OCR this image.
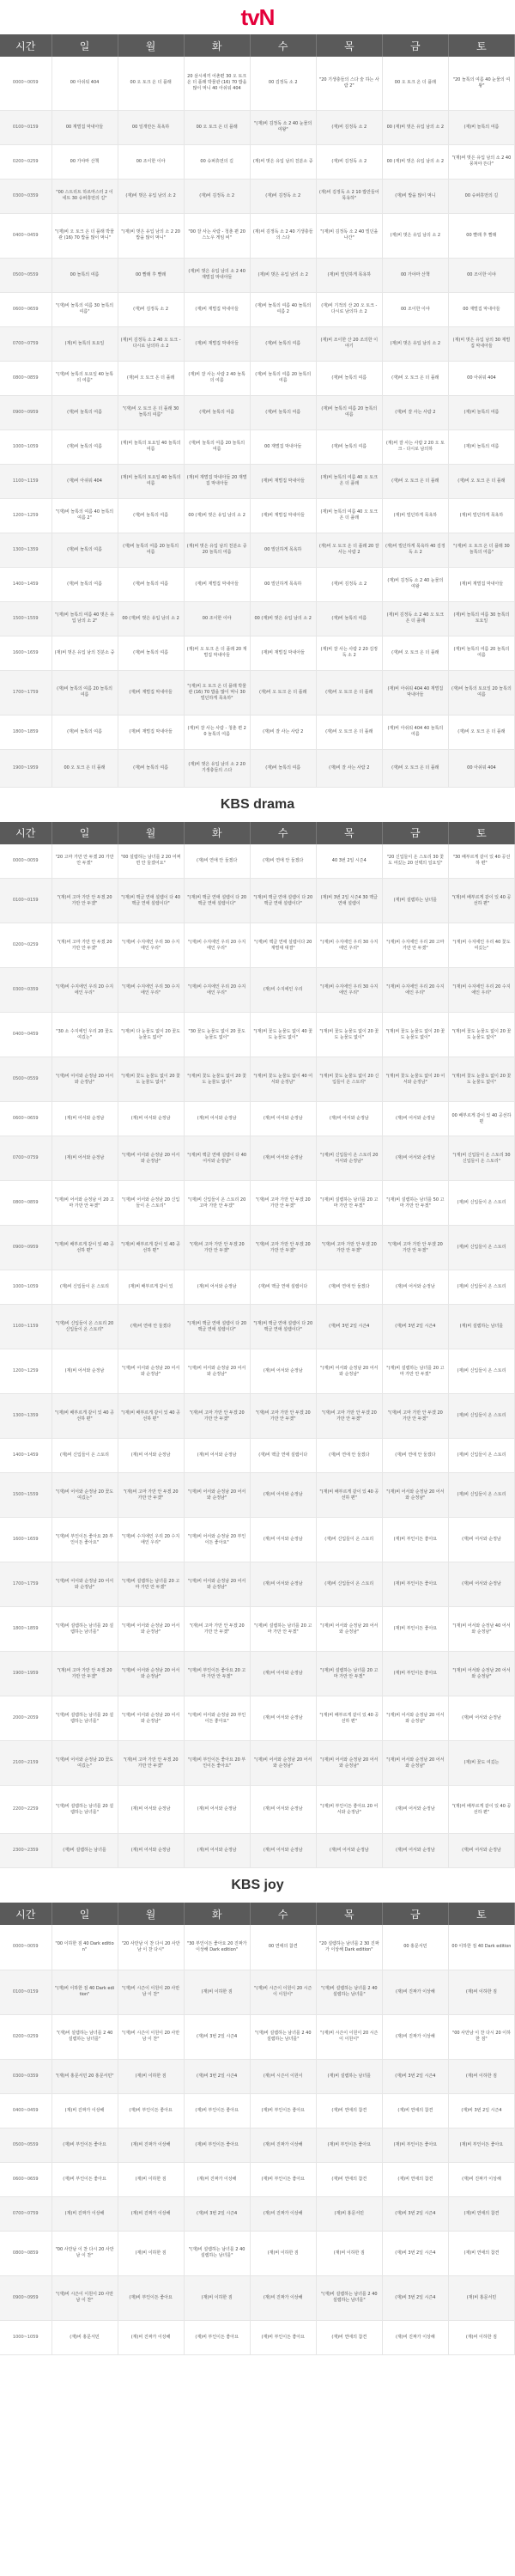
tvN
시간	일	월	화	수	목	금	토
0000~0059	00 아쉬워 404	00 오 토크 온 더 플래	20 삼시세끼 어촌편 30 오 토크 온 더 플래 박물관 (16) 70 밥을 많이 먹니 40 아쉬워 404	00 김정독 소 2	"20 기생충들의 스다 술 하는 사람 2"	00 오 토크 온 더 플래	"20 놀톡의 여름 40 눈물의 여왕"
0100~0159	00 재벌집 막내아들	00 일개만든 목욕하	00 오 토크 온 더 플래	"(재)비 김정독 소 2 40 눈물의 여왕"	(재)비 김정독 소 2	00 (재)비 벗은 유입 남의 소 2	(재)비 놀톡의 여름
0200~0259	00 가야마 산책	00 조이한 이야	00 슈퍼휴먼의 길	(재)비 벗은 유입 남의 친분소 중	(재)비 김정독 소 2	00 (재)비 벗은 유입 남의 소 2	"(재)비 벗은 유입 남의 소 2 40 뭉쳐야 뜬다"
0300~0359	"00 스트리트 하르마스터 2 이네트 30 슈퍼휴먼의 길"	(재)비 벗은 유입 남의 소 2	(재)비 김정독 소 2	(재)비 김정독 소 2	(재)비 김정독 소 2 10 밥만들어 목욕하"	(재)비 밥을 많이 먹니	00 슈퍼휴먼의 길
0400~0459	"(재)비 오 토크 온 더 플래 박물관 (16) 70 밥을 많이 먹니"	"(재)비 벗은 유입 남의 소 2 20 밥을 많이 먹니"	"00 잘 사는 사람 - 청춘 편 20 스노우 게임 비"	(재)비 김정독 소 2 40 기생충들의 스다	"(재)비 김정독 소 2 40 빌던을 나간"	(재)비 벗은 유입 남의 소 2	00 빨래 후 빨래
0500~0559	00 놀톡의 여름	00 빨래 후 빨래	(재)비 벗은 유입 남의 소 2 40 재벌집 막내아들	(재)비 벗은 유입 남의 소 2	(재)비 빌던하게 목욕하	00 가야마 산책	00 조이한 이야
0600~0659	"(재)비 놀톡의 여름 30 놀톡의 여름"	(재)비 김정독 소 2	(재)비 재벌집 막내아들	(재)비 놀톡의 여름 40 놀톡의 여름 2	(재)비 기적의 산 20 오 토크 - 다시로 남의하 소 2	00 조이한 이야	00 재벌집 막내아들
0700~0759	(재)비 놀톡의 토요일	(재)비 김정독 소 2 40 오 토크 - 다시로 남의하 소 2	(재)비 재벌집 막내아들	(재)비 놀톡의 여름	(재)비 조이한 산 20 조의한 이야기	(재)비 벗은 유입 남의 소 2	(재)비 벗은 유입 남의 30 재벌집 막내아들
0800~0859	"(재)비 놀톡의 토요일 40 놀톡의 여름"	(재)비 오 토크 온 더 플래	(재)비 잘 사는 사람 2 40 놀톡의 여름	(재)비 놀톡의 여름 20 놀톡의 여름	(재)비 놀톡의 여름	(재)비 오 토크 온 더 플래	00 아쉬워 404
0900~0959	(재)비 놀톡의 여름	"(재)비 오 토크 온 더 플래 30 놀톡의 여름"	(재)비 놀톡의 여름	(재)비 놀톡의 여름	(재)비 놀톡의 여름 20 놀톡의 여름	(재)비 잘 사는 사람 2	(재)비 놀톡의 여름
1000~1059	(재)비 놀톡의 여름	(재)비 놀톡의 토요일 40 놀톡의 여름	(재)비 놀톡의 여름 20 놀톡의 여름	00 재벌집 막내아들	(재)비 놀톡의 여름	(재)비 잘 사는 사람 2 20 오 토크 - 다시로 남의하	(재)비 놀톡의 여름
1100~1159	(재)비 아쉬워 404	(재)비 놀톡의 토요일 40 놀톡의 여름	(재)비 재벌집 막내아들 20 재벌집 막내아들	(재)비 재벌집 막내아들	(재)비 놀톡의 여름 40 오 토크 온 더 플래	(재)비 오 토크 온 더 플래	(재)비 오 토크 온 더 플래
1200~1259	"(재)비 놀톡의 여름 40 놀톡의 여름 2"	(재)비 놀톡의 여름	00 (재)비 벗은 유입 남의 소 2	(재)비 재벌집 막내아들	(재)비 놀톡의 여름 40 오 토크 온 더 플래	(재)비 빌던하게 목욕하	(재)비 빌던하게 목욕하
1300~1359	(재)비 놀톡의 여름	(재)비 놀톡의 여름 20 놀톡의 여름	(재)비 벗은 유입 남의 친분소 중 20 놀톡의 여름	00 빌던하게 목욕하	(재)비 오 토크 온 더 플래 20 잘 사는 사람 2	(재)비 빌던하게 목욕하 40 김정독 소 2	"(재)비 오 토크 온 더 플래 30 놀톡의 여름"
1400~1459	(재)비 놀톡의 여름	(재)비 놀톡의 여름	(재)비 재벌집 막내아들	00 빌던하게 목욕하	(재)비 김정독 소 2	(재)비 김정독 소 2 40 눈물의 여왕	(재)비 재벌집 막내아들
1500~1559	"(재)비 놀톡의 여름 40 벗은 유입 남의 소 2"	00 (재)비 벗은 유입 남의 소 2	00 조이한 이야	00 (재)비 벗은 유입 남의 소 2	(재)비 놀톡의 여름	(재)비 김정독 소 2 40 오 토크 온 더 플래	(재)비 놀톡의 여름 30 놀톡의 토요일
1600~1659	(재)비 벗은 유입 남의 친분소 중	(재)비 놀톡의 여름	(재)비 오 토크 온 더 플래 20 재벌집 막내아들	(재)비 재벌집 막내아들	(재)비 잘 사는 사람 2 20 김정독 소 2	(재)비 오 토크 온 더 플래	(재)비 놀톡의 여름 20 놀톡의 여름
1700~1759	(재)비 놀톡의 여름 20 놀톡의 여름	(재)비 재벌집 막내아들	"(재)비 오 토크 온 더 플래 박물관 (16) 70 밥을 많이 먹니 30 빌던하게 목욕하"	(재)비 오 토크 온 더 플래	(재)비 오 토크 온 더 플래	(재)비 아쉬워 404 40 재벌집 막내아들	(재)비 놀톡의 토요일 20 놀톡의 여름
1800~1859	(재)비 놀톡의 여름	(재)비 재벌집 막내아들	(재)비 잘 사는 사람 - 청춘 편 20 놀톡의 여름	(재)비 잘 사는 사람 2	(재)비 오 토크 온 더 플래	(재)비 아쉬워 404 40 놀톡의 여름	(재)비 오 토크 온 더 플래
1900~1959	00 오 토크 온 더 플래	(재)비 놀톡의 여름	(재)비 벗은 유입 남의 소 2 20 기생충들의 스다	(재)비 놀톡의 여름	(재)비 잘 사는 사람 2	(재)비 오 토크 온 더 플래	00 아쉬워 404
KBS drama
시간	일	월	화	수	목	금	토
0000~0059	"20 고마 가만 안 두겠 20 가만 안 두겠"	"00 설렘하는 남녀를 2 20 어쩌면 안 둘겠어요"	(재)비 연애 안 둘겠다	(재)비 연애 안 둘겠다	40 3번 2일 시즌4	"20 신입들이 온 스토리 30 꽃도 여깄는 20 선택의 일요일"	"30 배부르게 같이 있 40 공선하 편"
0100~0159	"(재)비 고마 가만 안 두겠 20 가만 안 두겠"	"(재)비 맥글 연애 설렘이 다 40 맥글 연애 설렘이다"	"(재)비 맥글 연애 설렘이 다 20 맥글 연애 설렘이다"	"(재)비 맥글 연애 설렘이 다 20 맥글 연애 설렘이다"	(재)비 3번 2일 시즌4 30 맥글 연애 설렘이	(재)비 설렘하는 남녀를	"(재)비 배부르게 같이 있 40 공선하 편"
0200~0259	"(재)비 고마 가만 안 두겠 20 가만 안 두겠"	"(재)비 수지에인 우리 30 수지에인 우리"	"(재)비 수지에인 우리 20 수지에인 우리"	"(재)비 맥글 연애 설렘이다 20 재벌대 대결"	"(재)비 수지에인 우리 30 수지에인 우리"	"(재)비 수지에인 우리 20 고마 가만 안 두겠"	"(재)비 수지에인 우리 40 꽃도 여깄는"
0300~0359	"(재)비 수지에인 우리 20 수지에인 우리"	"(재)비 수지에인 우리 30 수지에인 우리"	"(재)비 수지에인 우리 20 수지에인 우리"	(재)비 수지에인 우리	"(재)비 수지에인 우리 30 수지에인 우리"	"(재)비 수지에인 우리 20 수지에인 우리"	"(재)비 수지에인 우리 20 수지에인 우리"
0400~0459	"30 소 수지에인 우리 20 꽃도 여깄는"	"(재)비 다 눈물도 없이 20 꽃도 눈물도 없이"	"30 꽃도 눈물도 없이 20 꽃도 눈물도 없이"	"(재)비 꽃도 눈물도 없이 40 꽃도 눈물도 없이"	"(재)비 꽃도 눈물도 없이 20 꽃도 눈물도 없이"	"(재)비 꽃도 눈물도 없이 20 꽃도 눈물도 없이"	"(재)비 꽃도 눈물도 없이 20 꽃도 눈물도 없이"
0500~0559	"(재)비 어서와 순정남 20 어서와 순정남"	"(재)비 꽃도 눈물도 없이 20 꽃도 눈물도 없이"	"(재)비 꽃도 눈물도 없이 20 꽃도 눈물도 없이"	"(재)비 꽃도 눈물도 없이 40 어서와 순정남"	"(재)비 꽃도 눈물도 없이 20 신입들이 온 스토리"	"(재)비 꽃도 눈물도 없이 20 어서와 순정남"	"(재)비 꽃도 눈물도 없이 20 꽃도 눈물도 없이"
0600~0659	(재)비 어서와 순정남	(재)비 어서와 순정남	(재)비 어서와 순정남	(재)비 어서와 순정남	(재)비 어서와 순정남	(재)비 어서와 순정남	00 배부르게 같이 있 40 공선하 편
0700~0759	(재)비 어서와 순정남	"(재)비 어서와 순정남 20 어서와 순정남"	"(재)비 맥글 연애 설렘이 다 40 어서와 순정남"	(재)비 어서와 순정남	"(재)비 신입들이 온 스토리 20 어서와 순정남"	(재)비 어서와 순정남	"(재)비 신입들이 온 스토리 30 신입들이 온 스토리"
0800~0859	"(재)비 어서와 순정남 이 20 고마 가만 안 두겠"	"(재)비 어서와 순정남 20 신입들이 온 스토리"	"(재)비 신입들이 온 스토리 20 고마 가만 안 두겠"	"(재)비 고마 가만 안 두겠 20 가만 안 두겠"	"(재)비 설렘하는 남녀를 20 고마 가만 안 두겠"	"(재)비 설렘하는 남녀를 50 고마 가만 안 두겠"	(재)비 신입들이 온 스토리
0900~0959	"(재)비 배부르게 같이 있 40 공선하 편"	"(재)비 배부르게 같이 있 40 공선하 편"	"(재)비 고마 가만 안 두겠 20 가만 안 두겠"	"(재)비 고마 가만 안 두겠 20 가만 안 두겠"	"(재)비 고마 가만 안 두겠 20 가만 안 두겠"	"(재)비 고마 가만 안 두겠 20 가만 안 두겠"	(재)비 신입들이 온 스토리
1000~1059	(재)비 신입들이 온 스토리	(재)비 배부르게 같이 있	(재)비 어서와 순정남	(재)비 맥글 연애 설렘이다	(재)비 연애 안 둘겠다	(재)비 어서와 순정남	(재)비 신입들이 온 스토리
1100~1159	"(재)비 신입들이 온 스토리 20 신입들이 온 스토리"	(재)비 연애 안 둘겠다	"(재)비 맥글 연애 설렘이 다 20 맥글 연애 설렘이다"	"(재)비 맥글 연애 설렘이 다 20 맥글 연애 설렘이다"	(재)비 3번 2일 시즌4	(재)비 3번 2일 시즌4	(재)비 설렘하는 남녀를
1200~1259	(재)비 어서와 순정남	"(재)비 어서와 순정남 20 어서와 순정남"	"(재)비 어서와 순정남 20 어서와 순정남"	(재)비 어서와 순정남	"(재)비 어서와 순정남 20 어서와 순정남"	"(재)비 설렘하는 남녀를 20 고마 가만 안 두겠"	(재)비 신입들이 온 스토리
1300~1359	"(재)비 배부르게 같이 있 40 공선하 편"	"(재)비 배부르게 같이 있 40 공선하 편"	"(재)비 고마 가만 안 두겠 20 가만 안 두겠"	"(재)비 고마 가만 안 두겠 20 가만 안 두겠"	"(재)비 고마 가만 안 두겠 20 가만 안 두겠"	"(재)비 고마 가만 안 두겠 20 가만 안 두겠"	(재)비 신입들이 온 스토리
1400~1459	(재)비 신입들이 온 스토리	(재)비 어서와 순정남	(재)비 어서와 순정남	(재)비 맥글 연애 설렘이다	(재)비 연애 안 둘겠다	(재)비 연애 안 둘겠다	(재)비 신입들이 온 스토리
1500~1559	"(재)비 어서와 순정남 20 꽃도 여깄는"	"(재)비 고마 가만 안 두겠 20 가만 안 두겠"	"(재)비 어서와 순정남 20 어서와 순정남"	(재)비 어서와 순정남	"(재)비 배부르게 같이 있 40 공선하 편"	"(재)비 어서와 순정남 20 어서와 순정남"	(재)비 신입들이 온 스토리
1600~1659	"(재)비 부인이든 좋아요 20 부인이든 좋아요"	"(재)비 수지에인 우리 20 수지에인 우리"	"(재)비 어서와 순정남 20 부인이든 좋아요"	(재)비 어서와 순정남	(재)비 신입들이 온 스토리	(재)비 부인이든 좋아요	(재)비 어서와 순정남
1700~1759	"(재)비 어서와 순정남 20 어서와 순정남"	"(재)비 설렘하는 남녀를 20 고마 가만 안 두겠"	"(재)비 어서와 순정남 20 어서와 순정남"	(재)비 어서와 순정남	(재)비 신입들이 온 스토리	(재)비 부인이든 좋아요	(재)비 어서와 순정남
1800~1859	"(재)비 설렘하는 남녀를 20 설렘하는 남녀를"	"(재)비 어서와 순정남 20 어서와 순정남"	"(재)비 고마 가만 안 두겠 20 가만 안 두겠"	"(재)비 설렘하는 남녀를 20 고마 가만 안 두겠"	"(재)비 어서와 순정남 20 어서와 순정남"	(재)비 부인이든 좋아요	"(재)비 어서와 순정남 40 어서와 순정남"
1900~1959	"(재)비 고마 가만 안 두겠 20 가만 안 두겠"	"(재)비 어서와 순정남 20 어서와 순정남"	"(재)비 부인이든 좋아요 20 고마 가만 안 두겠"	(재)비 어서와 순정남	"(재)비 설렘하는 남녀를 20 고마 가만 안 두겠"	(재)비 부인이든 좋아요	"(재)비 어서와 순정남 20 어서와 순정남"
2000~2059	"(재)비 설렘하는 남녀를 20 설렘하는 남녀를"	"(재)비 어서와 순정남 20 어서와 순정남"	"(재)비 어서와 순정남 20 부인이든 좋아요"	(재)비 어서와 순정남	"(재)비 배부르게 같이 있 40 공선하 편"	"(재)비 어서와 순정남 20 어서와 순정남"	(재)비 어서와 순정남
2100~2159	"(재)비 어서와 순정남 20 꽃도 여깄는"	"(재)비 고마 가만 안 두겠 20 가만 안 두겠"	"(재)비 부인이든 좋아요 20 부인이든 좋아요"	"(재)비 어서와 순정남 20 어서와 순정남"	"(재)비 어서와 순정남 20 어서와 순정남"	"(재)비 어서와 순정남 20 어서와 순정남"	(재)비 꽃도 여깄는
2200~2259	"(재)비 설렘하는 남녀를 20 설렘하는 남녀를"	(재)비 어서와 순정남	(재)비 어서와 순정남	(재)비 어서와 순정남	"(재)비 부인이든 좋아요 20 어서와 순정남"	(재)비 어서와 순정남	"(재)비 배부르게 같이 있 40 공선하 편"
2300~2359	(재)비 설렘하는 남녀를	(재)비 어서와 순정남	(재)비 어서와 순정남	(재)비 어서와 순정남	(재)비 어서와 순정남	(재)비 어서와 순정남	(재)비 어서와 순정남
KBS joy
시간	일	월	화	수	목	금	토
0000~0059	"00 이하한 짐 40 Dark edition"	"20 사만남 이 찬 다시 20 사만남 이 찬 다시"	"30 부인이든 좋아요 20 진짜가 이상해 Dark edition"	00 연애의 참견	"20 설렘하는 남녀를 2 30 진짜가 이상해 Dark edition"	00 홍문서민	00 이하한 짐 40 Dark edition
0100~0159	"(재)비 이하한 짐 40 Dark edition"	"(재)비 시즌이 이원이 20 사만남 이 찬"	(재)비 이하한 짐	"(재)비 시즌이 이원이 20 시즌이 이원이"	"(재)비 설렘하는 남녀를 2 40 설렘하는 남녀를"	(재)비 진짜가 이상해	(재)비 이하한 짐
0200~0259	"(재)비 설렘하는 남녀를 2 40 설렘하는 남녀를"	"(재)비 시즌이 이원이 20 사만남 이 찬"	(재)비 3번 2일 시즌4	"(재)비 설렘하는 남녀를 2 40 설렘하는 남녀를"	"(재)비 시즌이 이원이 20 시즌이 이원이"	(재)비 진짜가 이상해	"00 사만남 이 찬 다시 20 이하한 짐"
0300~0359	"(재)비 홍문서민 20 홍문서민"	(재)비 이하한 짐	(재)비 3번 2일 시즌4	(재)비 시즌이 이원이	(재)비 설렘하는 남녀를	(재)비 3번 2일 시즌4	(재)비 이하한 짐
0400~0459	(재)비 진짜가 이상해	(재)비 부인이든 좋아요	(재)비 부인이든 좋아요	(재)비 부인이든 좋아요	(재)비 연애의 참견	(재)비 연애의 참견	(재)비 3번 2일 시즌4
0500~0559	(재)비 부인이든 좋아요	(재)비 진짜가 이상해	(재)비 부인이든 좋아요	(재)비 진짜가 이상해	(재)비 부인이든 좋아요	(재)비 부인이든 좋아요	(재)비 부인이든 좋아요
0600~0659	(재)비 부인이든 좋아요	(재)비 이하한 짐	(재)비 진짜가 이상해	(재)비 부인이든 좋아요	(재)비 연애의 참견	(재)비 연애의 참견	(재)비 진짜가 이상해
0700~0759	(재)비 진짜가 이상해	(재)비 진짜가 이상해	(재)비 3번 2일 시즌4	(재)비 진짜가 이상해	(재)비 홍문서민	(재)비 3번 2일 시즌4	(재)비 연애의 참견
0800~0859	"00 사만남 이 찬 다시 20 사만남 이 찬"	(재)비 이하한 짐	"(재)비 설렘하는 남녀를 2 40 설렘하는 남녀를"	(재)비 이하한 짐	(재)비 이하한 짐	(재)비 3번 2일 시즌4	(재)비 연애의 참견
0900~0959	"(재)비 시즌이 이원이 20 사만남 이 찬"	(재)비 부인이든 좋아요	(재)비 이하한 짐	(재)비 진짜가 이상해	"(재)비 설렘하는 남녀를 2 40 설렘하는 남녀를"	(재)비 3번 2일 시즌4	(재)비 홍문서민
1000~1059	(재)비 홍문서민	(재)비 진짜가 이상해	(재)비 부인이든 좋아요	(재)비 부인이든 좋아요	(재)비 연애의 참견	(재)비 진짜가 이상해	(재)비 이하한 짐
